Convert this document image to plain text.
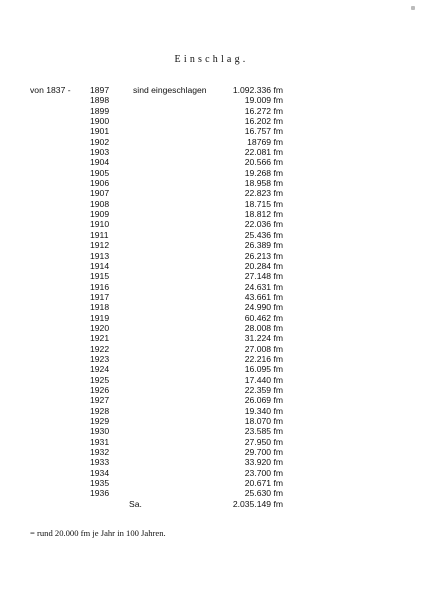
Einschlag.
von 1837 - 1897	sind eingeschlagen	1.092.336 fm
1898	19.009 fm
1899	16.272 fm
1900	16.202 fm
1901	16.757 fm
1902	18769 fm
1903	22.081 fm
1904	20.566 fm
1905	19.268 fm
1906	18.958 fm
1907	22.823 fm
1908	18.715 fm
1909	18.812 fm
1910	22.036 fm
1911	25.436 fm
1912	26.389 fm
1913	26.213 fm
1914	20.284 fm
1915	27.148 fm
1916	24.631 fm
1917	43.661 fm
1918	24.990 fm
1919	60.462 fm
1920	28.008 fm
1921	31.224 fm
1922	27.008 fm
1923	22.216 fm
1924	16.095 fm
1925	17.440 fm
1926	22.359 fm
1927	26.069 fm
1928	19.340 fm
1929	18.070 fm
1930	23.585 fm
1931	27.950 fm
1932	29.700 fm
1933	33.920 fm
1934	23.700 fm
1935	20.671 fm
1936	25.630 fm
Sa.	2.035.149 fm
= rund 20.000 fm je Jahr in 100 Jahren.
